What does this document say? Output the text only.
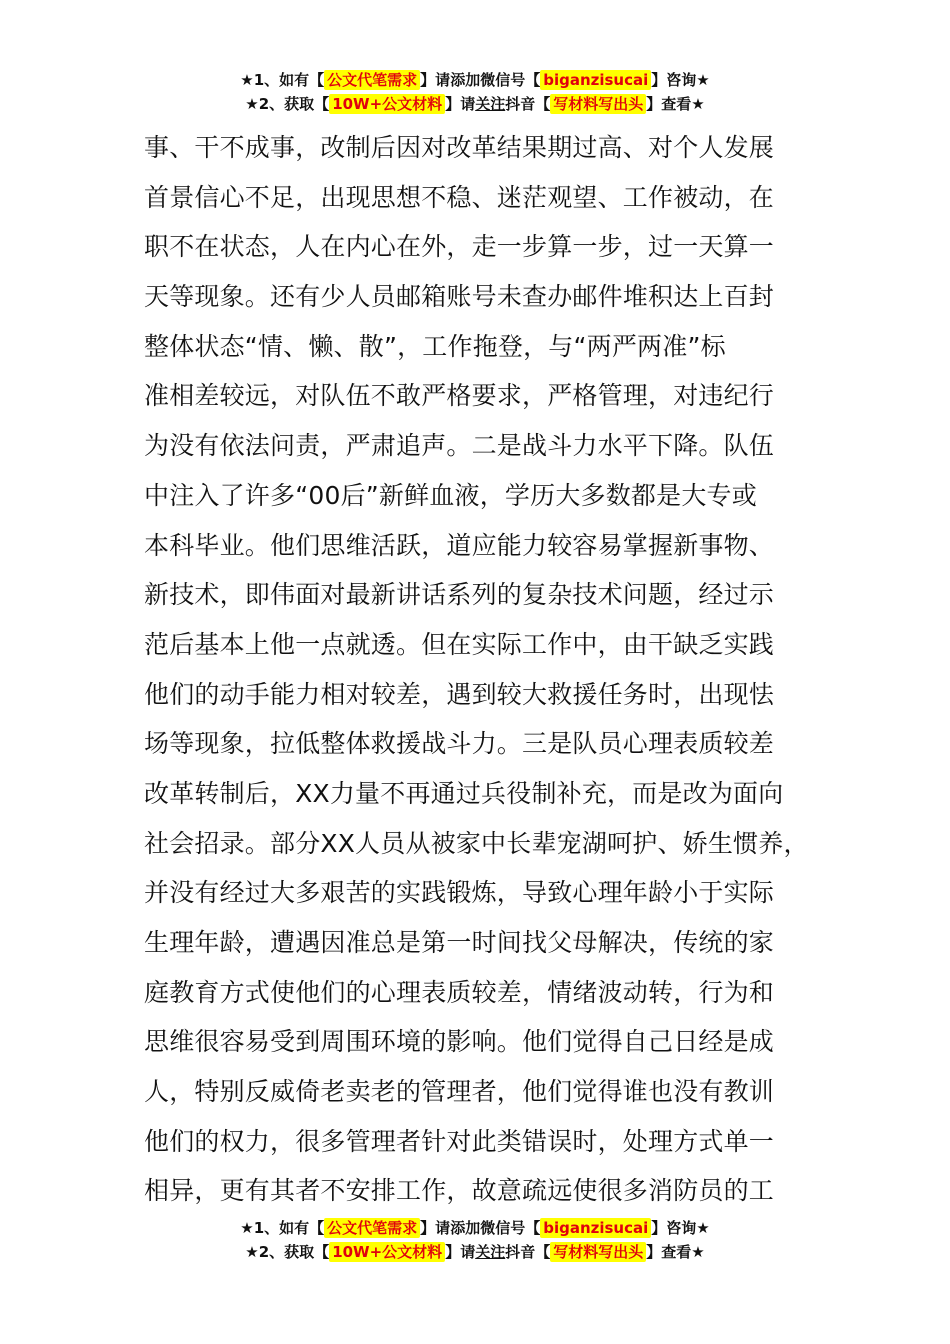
★1、如有【 公文代笔需求 】请添加微信号【 biganzisucai 】咨询★
★2、获取【 10W+公文材料 】请关注抖音【 写材料写出头 】查看★
事、干不成事，改制后因对改革结果期过高、对个人发展
首景信心不足，出现思想不稳、迷茫观望、工作被动，在
职不在状态，人在内心在外，走一步算一步，过一天算一
天等现象。还有少人员邮箱账号未查办邮件堆积达上百封
整体状态“情、懒、散”，工作拖登，与“两严两准”标
准相差较远，对队伍不敢严格要求，严格管理，对违纪行
为没有依法问责，严肃追声。二是战斗力水平下降。队伍
中注入了许多“00后”新鲜血液，学历大多数都是大专或
本科毕业。他们思维活跃，道应能力较容易掌握新事物、
新技术，即伟面对最新讲话系列的复杂技术问题，经过示
范后基本上他一点就透。但在实际工作中，由干缺乏实践
他们的动手能力相对较差，遇到较大救援任务时，出现怯
场等现象，拉低整体救援战斗力。三是队员心理表质较差
改革转制后，XX力量不再通过兵役制补充，而是改为面向
社会招录。部分XX人员从被家中长辈宠湖呵护、娇生惯养，
并没有经过大多艰苦的实践锻炼，导致心理年龄小于实际
生理年龄，遭遇因准总是第一时间找父母解决，传统的家
庭教育方式使他们的心理表质较差，情绪波动转，行为和
思维很容易受到周围环境的影响。他们觉得自己日经是成
人，特别反威倚老卖老的管理者，他们觉得谁也没有教训
他们的权力，很多管理者针对此类错误时，处理方式单一
相异，更有其者不安排工作，故意疏远使很多消防员的工
★1、如有【 公文代笔需求 】请添加微信号【 biganzisucai 】咨询★
★2、获取【 10W+公文材料 】请关注抖音【 写材料写出头 】查看★
